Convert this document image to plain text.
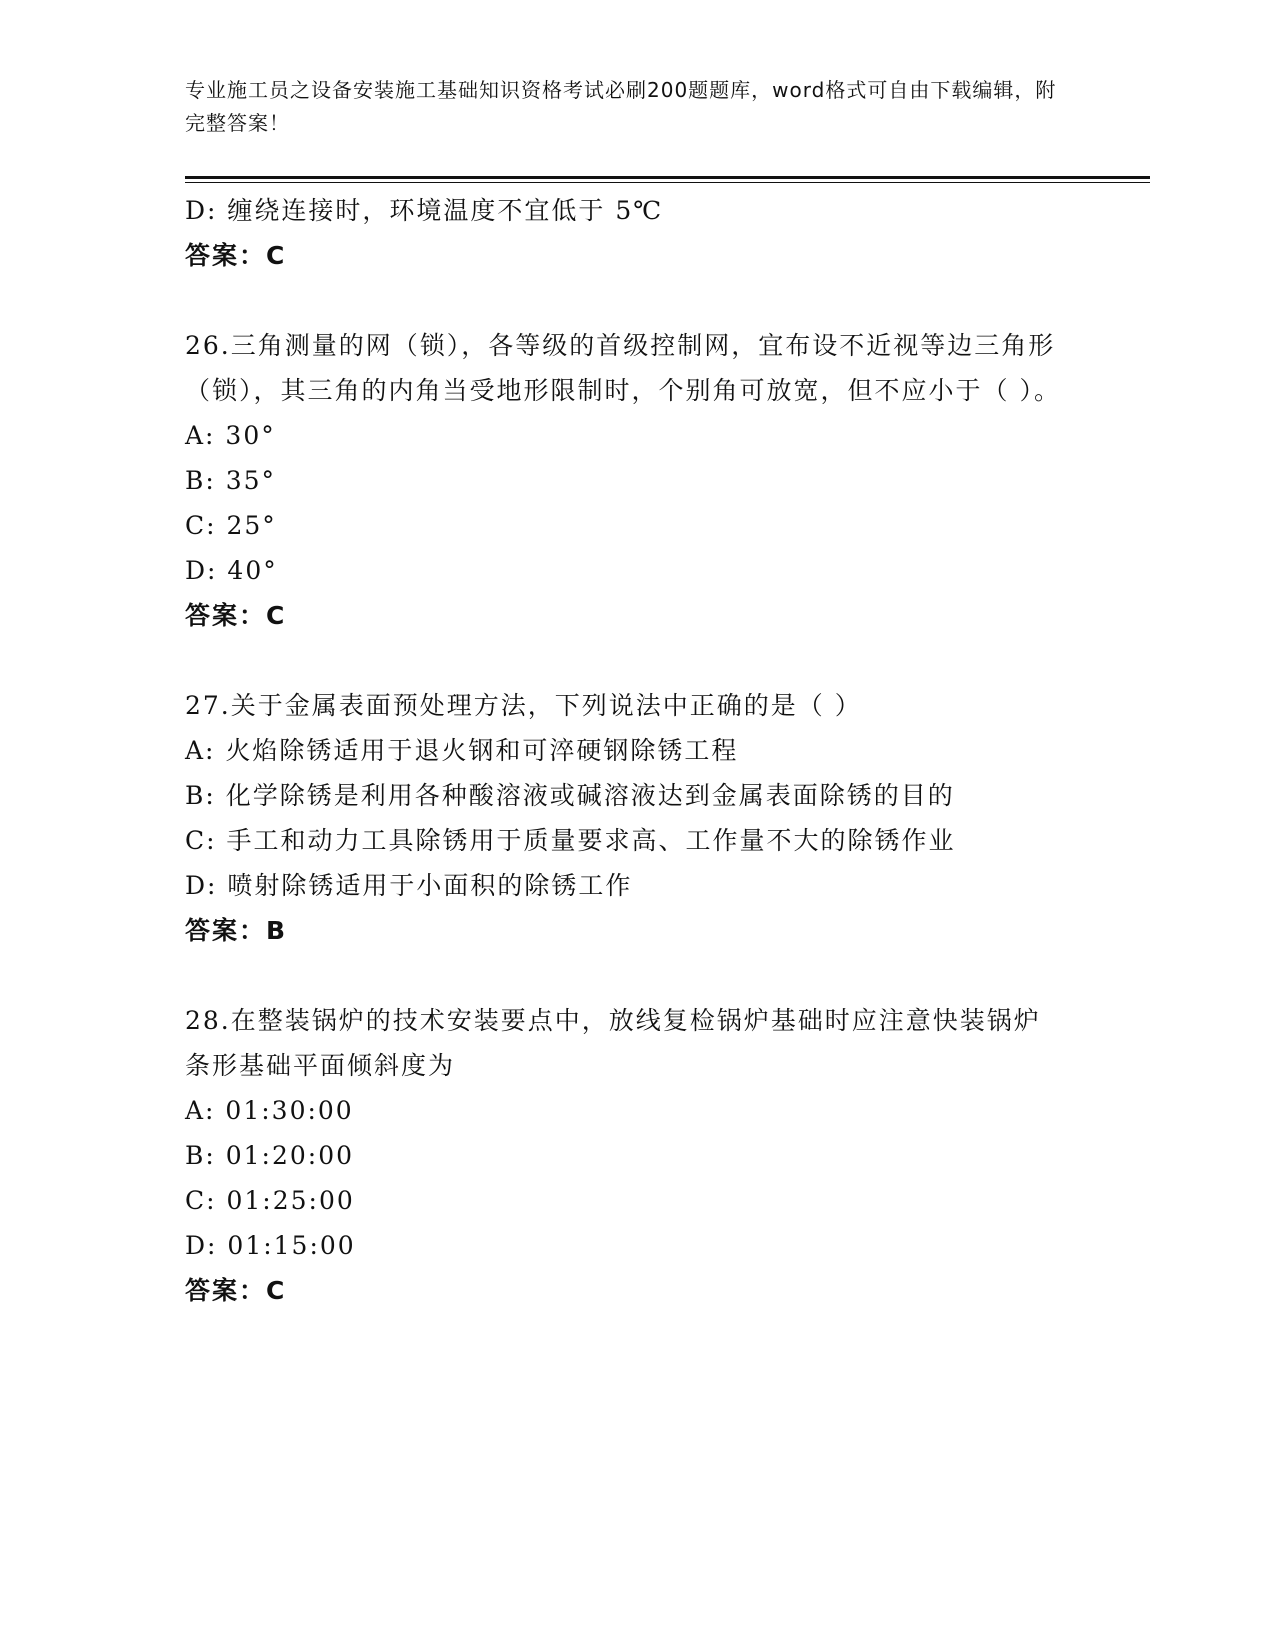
专业施工员之设备安装施工基础知识资格考试必刷200题题库，word格式可自由下载编辑，附完整答案！
D: 缠绕连接时，环境温度不宜低于 5℃
答案：C
26.三角测量的网（锁），各等级的首级控制网，宜布设不近视等边三角形（锁），其三角的内角当受地形限制时，个别角可放宽，但不应小于（ ）。
A: 30°
B: 35°
C: 25°
D: 40°
答案：C
27.关于金属表面预处理方法，下列说法中正确的是（ ）
A: 火焰除锈适用于退火钢和可淬硬钢除锈工程
B: 化学除锈是利用各种酸溶液或碱溶液达到金属表面除锈的目的
C: 手工和动力工具除锈用于质量要求高、工作量不大的除锈作业
D: 喷射除锈适用于小面积的除锈工作
答案：B
28.在整装锅炉的技术安装要点中，放线复检锅炉基础时应注意快装锅炉条形基础平面倾斜度为
A: 01:30:00
B: 01:20:00
C: 01:25:00
D: 01:15:00
答案：C
